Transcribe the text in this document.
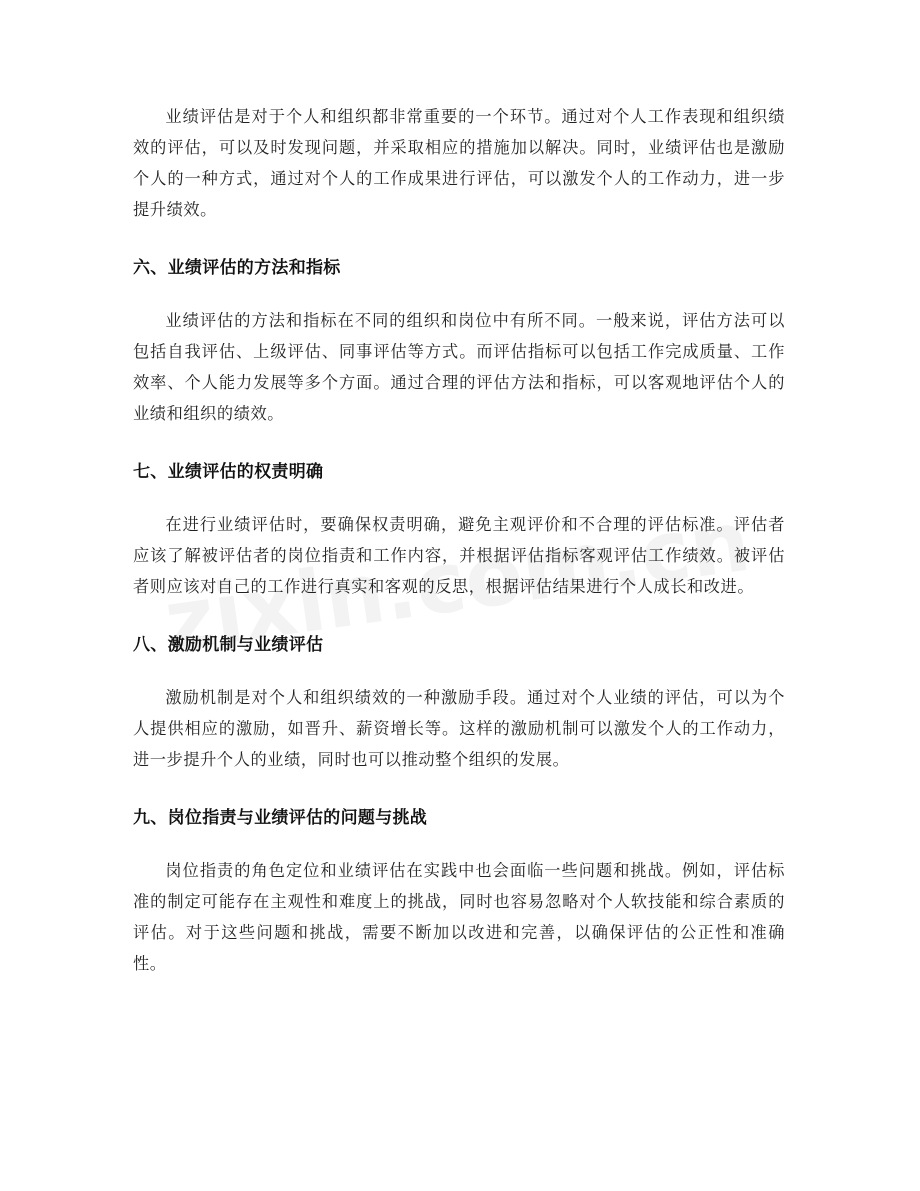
业绩评估是对于个人和组织都非常重要的一个环节。通过对个人工作表现和组织绩效的评估，可以及时发现问题，并采取相应的措施加以解决。同时，业绩评估也是激励个人的一种方式，通过对个人的工作成果进行评估，可以激发个人的工作动力，进一步提升绩效。

六、业绩评估的方法和指标

业绩评估的方法和指标在不同的组织和岗位中有所不同。一般来说，评估方法可以包括自我评估、上级评估、同事评估等方式。而评估指标可以包括工作完成质量、工作效率、个人能力发展等多个方面。通过合理的评估方法和指标，可以客观地评估个人的业绩和组织的绩效。

七、业绩评估的权责明确

在进行业绩评估时，要确保权责明确，避免主观评价和不合理的评估标准。评估者应该了解被评估者的岗位指责和工作内容，并根据评估指标客观评估工作绩效。被评估者则应该对自己的工作进行真实和客观的反思，根据评估结果进行个人成长和改进。

八、激励机制与业绩评估

激励机制是对个人和组织绩效的一种激励手段。通过对个人业绩的评估，可以为个人提供相应的激励，如晋升、薪资增长等。这样的激励机制可以激发个人的工作动力，进一步提升个人的业绩，同时也可以推动整个组织的发展。

九、岗位指责与业绩评估的问题与挑战

岗位指责的角色定位和业绩评估在实践中也会面临一些问题和挑战。例如，评估标准的制定可能存在主观性和难度上的挑战，同时也容易忽略对个人软技能和综合素质的评估。对于这些问题和挑战，需要不断加以改进和完善，以确保评估的公正性和准确性。
